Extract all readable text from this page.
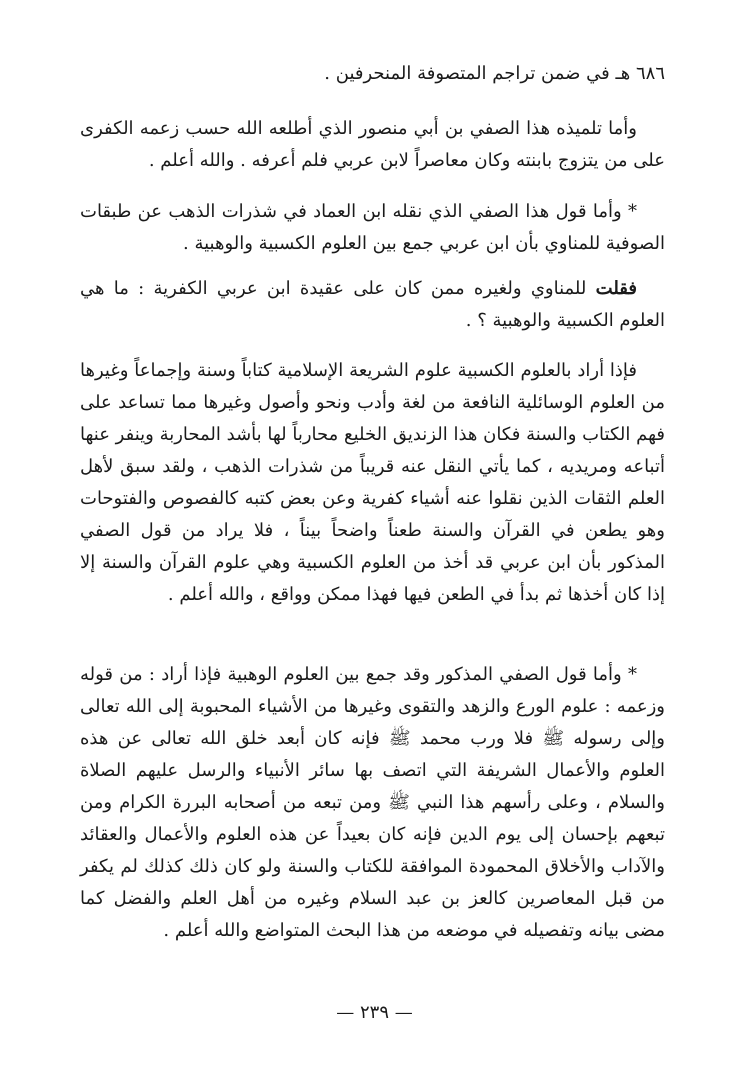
٦٨٦ هـ في ضمن تراجم المتصوفة المنحرفين .

وأما تلميذه هذا الصفي بن أبي منصور الذي أطلعه الله حسب زعمه الكفرى على من يتزوج بابنته وكان معاصراً لابن عربي فلم أعرفه . والله أعلم .

* وأما قول هذا الصفي الذي نقله ابن العماد في شذرات الذهب عن طبقات الصوفية للمناوي بأن ابن عربي جمع بين العلوم الكسبية والوهبية .

فقلت للمناوي ولغيره ممن كان على عقيدة ابن عربي الكفرية : ما هي العلوم الكسبية والوهبية ؟ .

فإذا أراد بالعلوم الكسبية علوم الشريعة الإسلامية كتاباً وسنة وإجماعاً وغيرها من العلوم الوسائلية النافعة من لغة وأدب ونحو وأصول وغيرها مما تساعد على فهم الكتاب والسنة فكان هذا الزنديق الخليع محارباً لها بأشد المحاربة وينفر عنها أتباعه ومريديه ، كما يأتي النقل عنه قريباً من شذرات الذهب ، ولقد سبق لأهل العلم الثقات الذين نقلوا عنه أشياء كفرية وعن بعض كتبه كالفصوص والفتوحات وهو يطعن في القرآن والسنة طعناً واضحاً بيناً ، فلا يراد من قول الصفي المذكور بأن ابن عربي قد أخذ من العلوم الكسبية وهي علوم القرآن والسنة إلا إذا كان أخذها ثم بدأ في الطعن فيها فهذا ممكن وواقع ، والله أعلم .

* وأما قول الصفي المذكور وقد جمع بين العلوم الوهبية فإذا أراد : من قوله وزعمه : علوم الورع والزهد والتقوى وغيرها من الأشياء المحبوبة إلى الله تعالى وإلى رسوله ﷺ فلا ورب محمد ﷺ فإنه كان أبعد خلق الله تعالى عن هذه العلوم والأعمال الشريفة التي اتصف بها سائر الأنبياء والرسل عليهم الصلاة والسلام ، وعلى رأسهم هذا النبي ﷺ ومن تبعه من أصحابه البررة الكرام ومن تبعهم بإحسان إلى يوم الدين فإنه كان بعيداً عن هذه العلوم والأعمال والعقائد والآداب والأخلاق المحمودة الموافقة للكتاب والسنة ولو كان ذلك كذلك لم يكفر من قبل المعاصرين كالعز بن عبد السلام وغيره من أهل العلم والفضل كما مضى بيانه وتفصيله في موضعه من هذا البحث المتواضع والله أعلم .

— ٢٣٩ —
